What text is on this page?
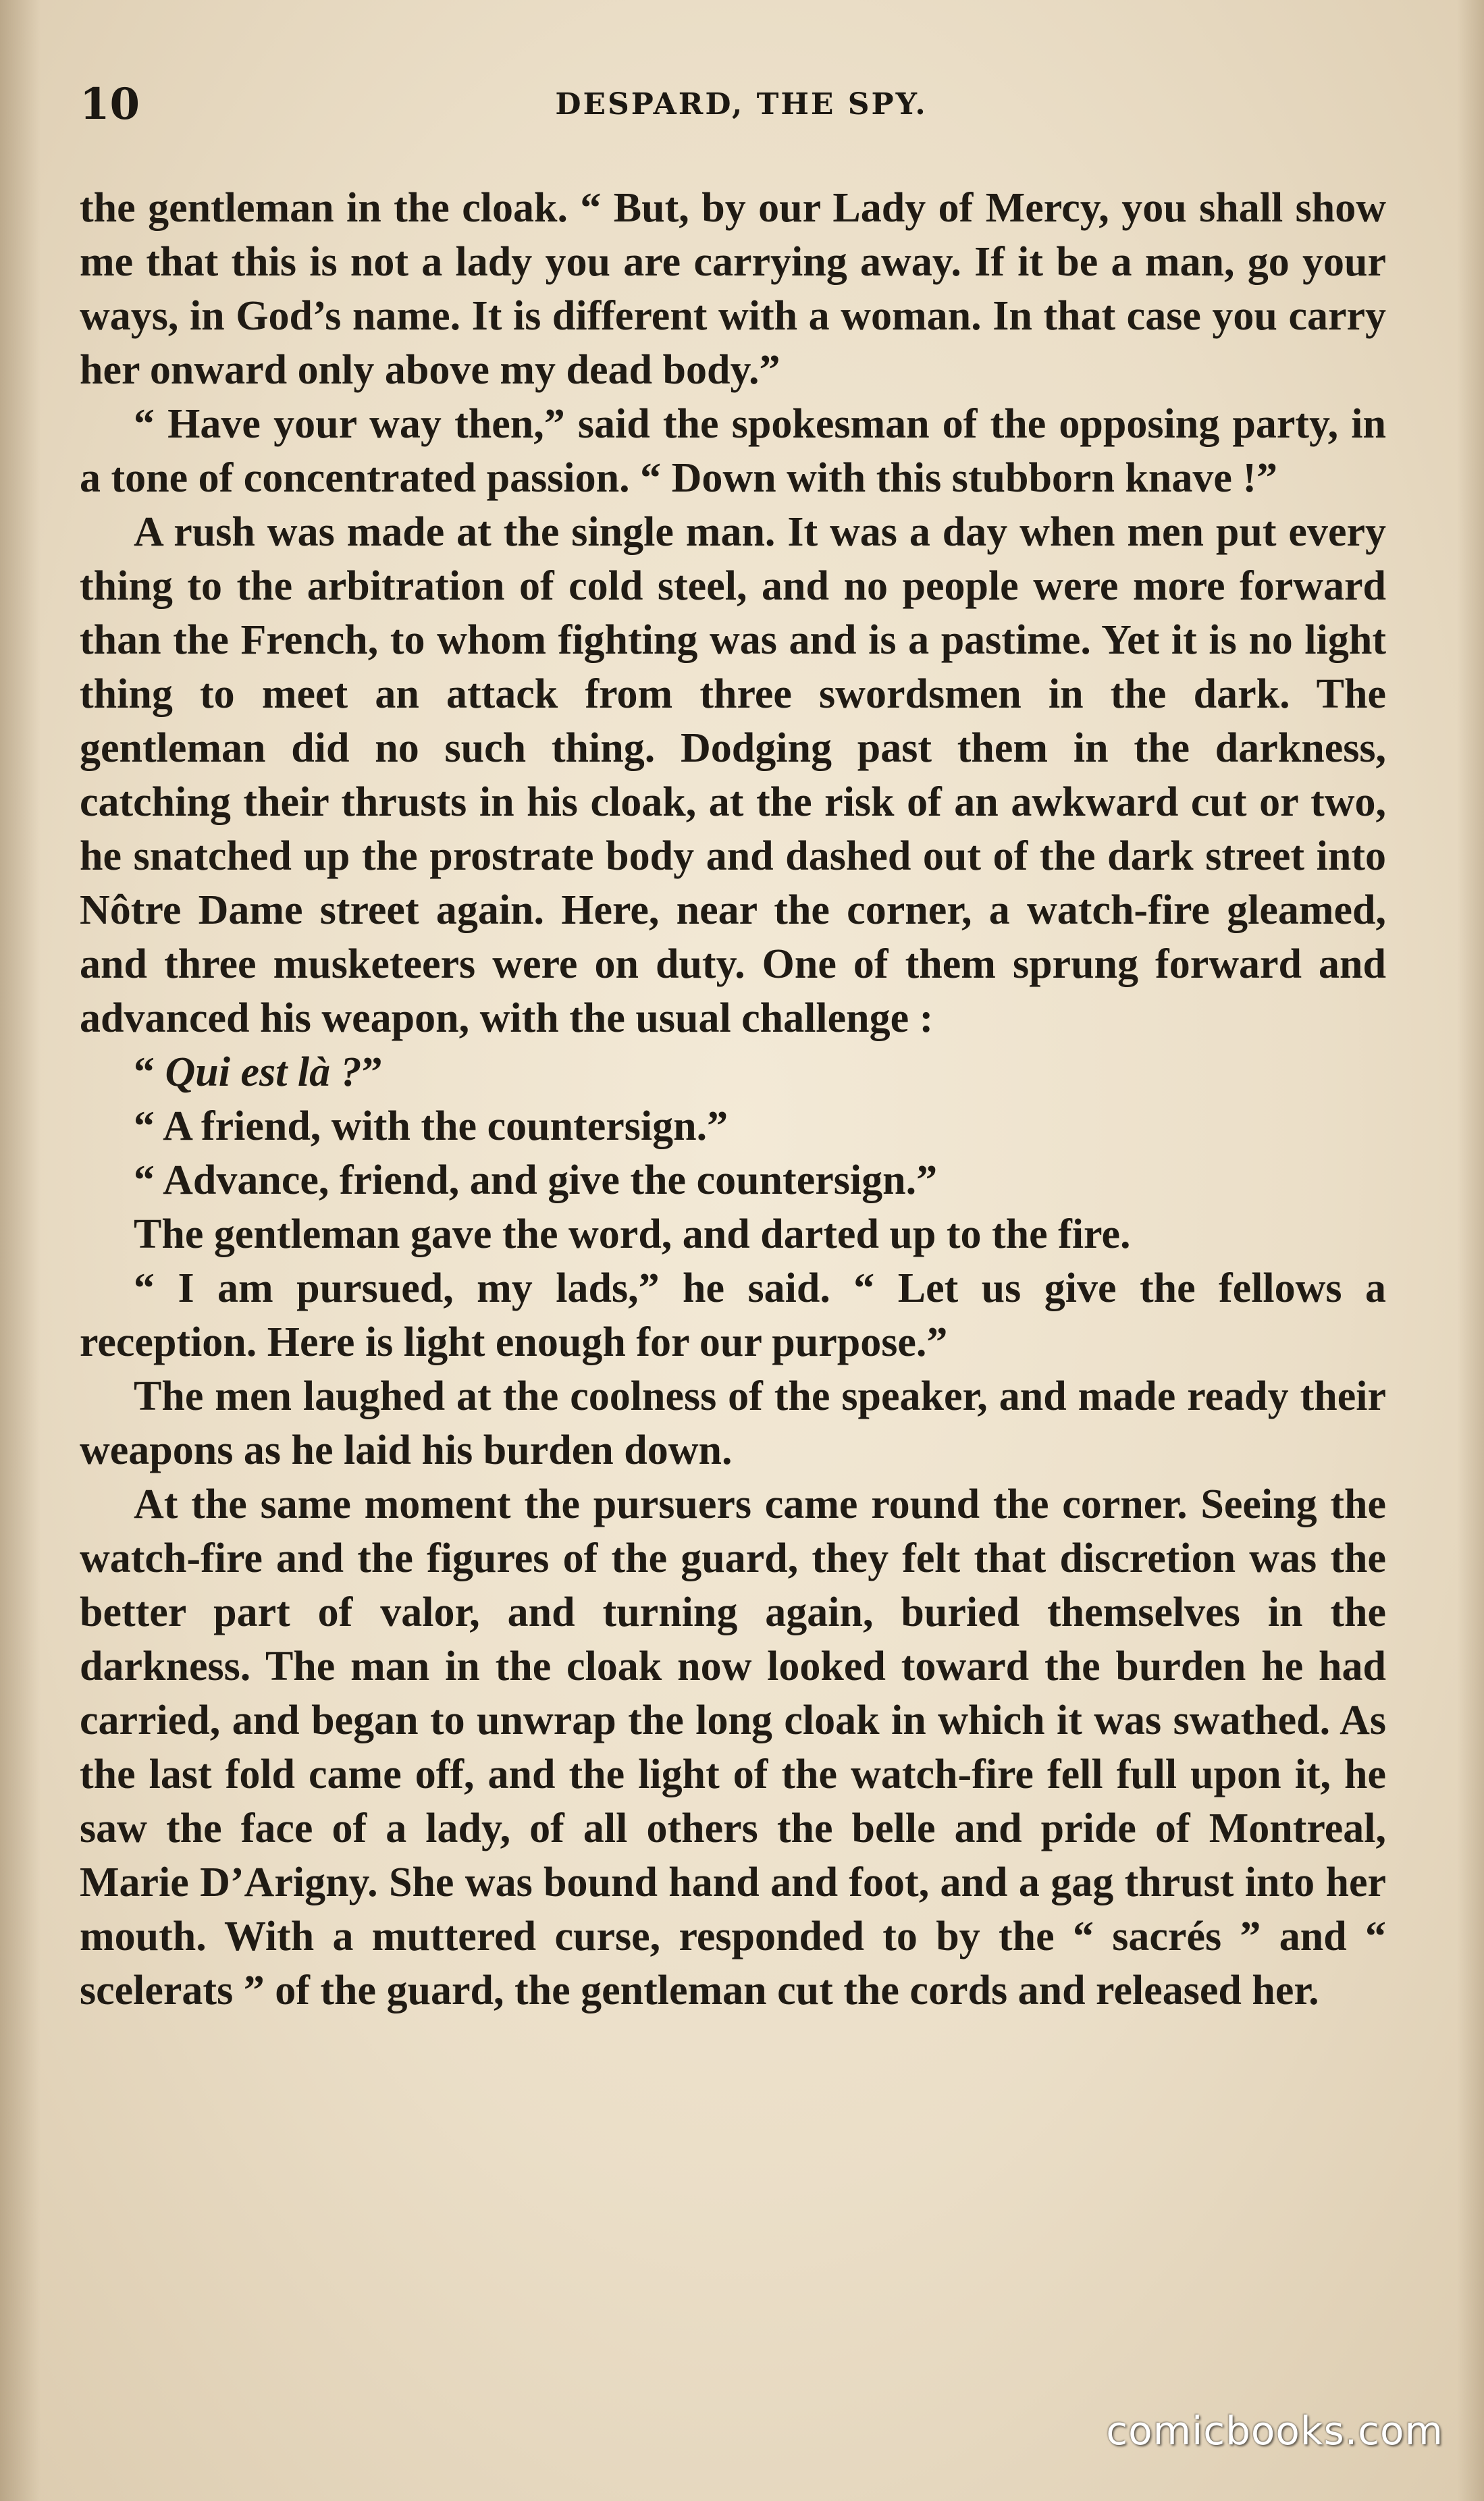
10	DESPARD, THE SPY.

the gentleman in the cloak. “ But, by our Lady of Mercy, you shall show me that this is not a lady you are carrying away. If it be a man, go your ways, in God’s name. It is different with a woman. In that case you carry her onward only above my dead body.”

“ Have your way then,” said the spokesman of the opposing party, in a tone of concentrated passion. “ Down with this stubborn knave !”

A rush was made at the single man. It was a day when men put every thing to the arbitration of cold steel, and no people were more forward than the French, to whom fighting was and is a pastime. Yet it is no light thing to meet an attack from three swordsmen in the dark. The gentleman did no such thing. Dodging past them in the darkness, catching their thrusts in his cloak, at the risk of an awkward cut or two, he snatched up the prostrate body and dashed out of the dark street into Nôtre Dame street again. Here, near the corner, a watch-fire gleamed, and three musketeers were on duty. One of them sprung forward and advanced his weapon, with the usual challenge :

“ Qui est là ?”

“ A friend, with the countersign.”

“ Advance, friend, and give the countersign.”

The gentleman gave the word, and darted up to the fire.

“ I am pursued, my lads,” he said. “ Let us give the fellows a reception. Here is light enough for our purpose.”

The men laughed at the coolness of the speaker, and made ready their weapons as he laid his burden down.

At the same moment the pursuers came round the corner. Seeing the watch-fire and the figures of the guard, they felt that discretion was the better part of valor, and turning again, buried themselves in the darkness. The man in the cloak now looked toward the burden he had carried, and began to unwrap the long cloak in which it was swathed. As the last fold came off, and the light of the watch-fire fell full upon it, he saw the face of a lady, of all others the belle and pride of Montreal, Marie D’Arigny. She was bound hand and foot, and a gag thrust into her mouth. With a muttered curse, responded to by the “ sacrés ” and “ scelerats ” of the guard, the gentleman cut the cords and released her.

comicbooks.com
